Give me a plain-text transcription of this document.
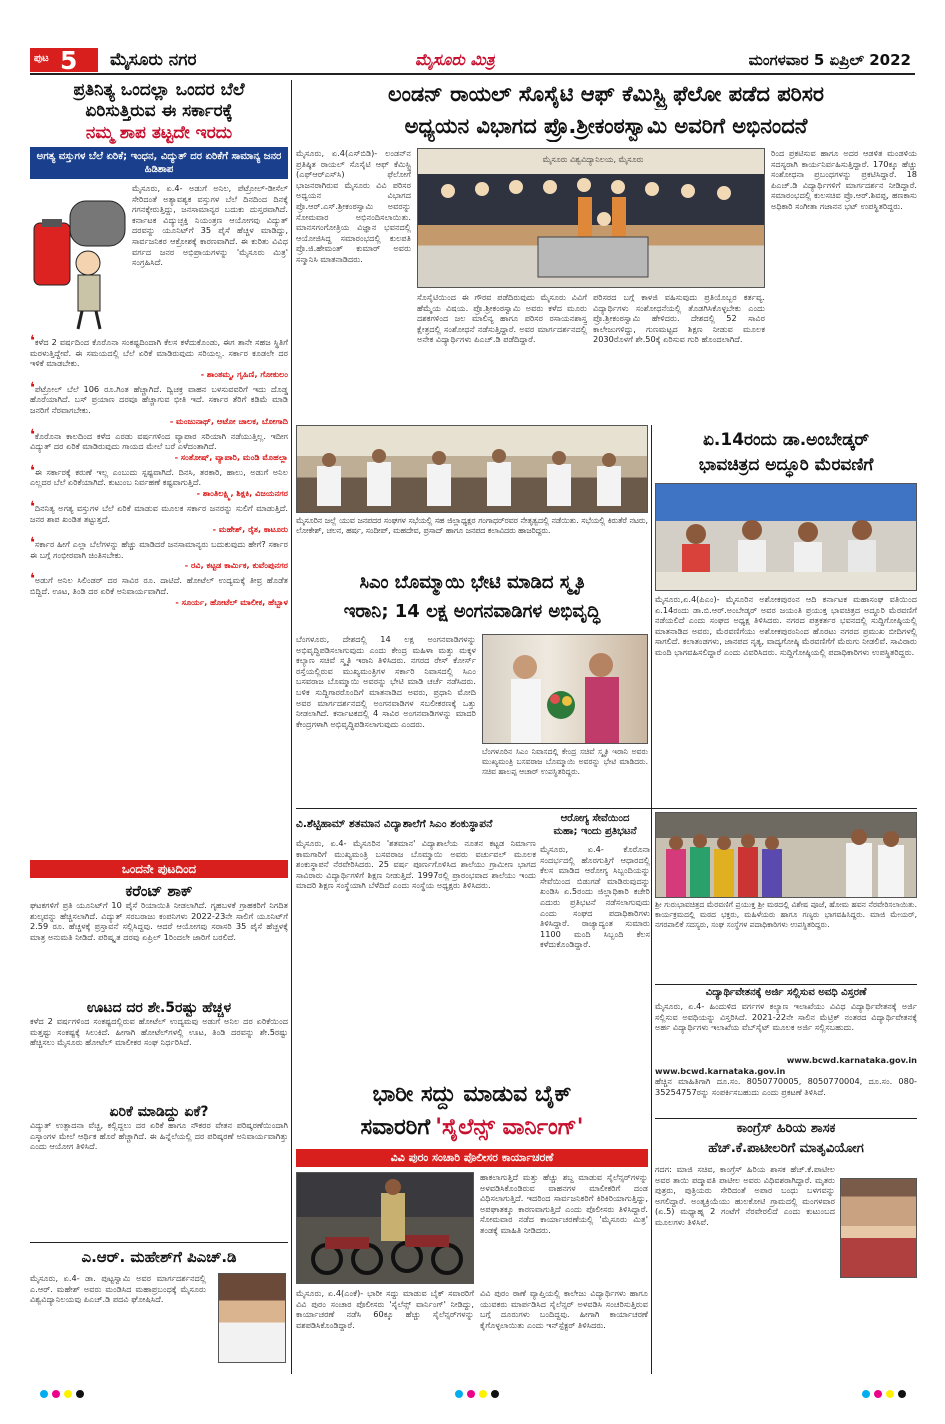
ಪುಟ 5 ಮೈಸೂರು ನಗರ	ಮೈಸೂರು ಮಿತ್ರ	ಮಂಗಳವಾರ 5 ಏಪ್ರಿಲ್ 2022
ಪ್ರತಿನಿತ್ಯ ಒಂದಲ್ಲಾ ಒಂದರ ಬೆಲೆ
ಏರಿಸುತ್ತಿರುವ ಈ ಸರ್ಕಾರಕ್ಕೆ
ನಮ್ಮ ಶಾಪ ತಟ್ಟದೇ ಇರದು
ಅಗತ್ಯ ವಸ್ತುಗಳ ಬೆಲೆ ಏರಿಕೆ; ಇಂಧನ, ವಿದ್ಯುತ್ ದರ ಏರಿಕೆಗೆ ಸಾಮಾನ್ಯ ಜನರ ಹಿಡಿಶಾಪ
ಮೈಸೂರು, ಏ.4- ಅಡುಗೆ ಅನಿಲ, ಪೆಟ್ರೋಲ್-ಡೀಸೆಲ್ ಸೇರಿದಂತೆ ಅತ್ಯಾವಶ್ಯಕ ವಸ್ತುಗಳ ಬೆಲೆ ದಿನದಿಂದ ದಿನಕ್ಕೆ ಗಗನಕ್ಕೇರುತ್ತಿದ್ದು, ಜನಸಾಮಾನ್ಯರ ಬದುಕು ದುಸ್ತರವಾಗಿದೆ. ಕರ್ನಾಟಕ ವಿದ್ಯುಚ್ಛಕ್ತಿ ನಿಯಂತ್ರಣ ಆಯೋಗವು ವಿದ್ಯುತ್ ದರವನ್ನು ಯೂನಿಟ್‌ಗೆ 35 ಪೈಸೆ ಹೆಚ್ಚಳ ಮಾಡಿದ್ದು, ಸಾರ್ವಜನಿಕರ ಆಕ್ರೋಶಕ್ಕೆ ಕಾರಣವಾಗಿದೆ. ಈ ಕುರಿತು ವಿವಿಧ ವರ್ಗದ ಜನರ ಅಭಿಪ್ರಾಯಗಳನ್ನು 'ಮೈಸೂರು ಮಿತ್ರ' ಸಂಗ್ರಹಿಸಿದೆ.
❛ಕಳೆದ 2 ವರ್ಷದಿಂದ ಕೊರೊನಾ ಸಂಕಷ್ಟದಿಂದಾಗಿ ಕೆಲಸ ಕಳೆದುಕೊಂಡು, ಈಗ ತಾನೇ ಸಹಜ ಸ್ಥಿತಿಗೆ ಮರಳುತ್ತಿದ್ದೇವೆ. ಈ ಸಮಯದಲ್ಲಿ ಬೆಲೆ ಏರಿಕೆ ಮಾಡಿರುವುದು ಸರಿಯಲ್ಲ. ಸರ್ಕಾರ ಕೂಡಲೇ ದರ ಇಳಿಕೆ ಮಾಡಬೇಕು.
- ಶಾಂತಮ್ಮ, ಗೃಹಿಣಿ, ಗೋಕುಲಂ
❛ಪೆಟ್ರೋಲ್ ಬೆಲೆ 106 ರೂ.ಗಿಂತ ಹೆಚ್ಚಾಗಿದೆ. ದ್ವಿಚಕ್ರ ವಾಹನ ಬಳಸುವವರಿಗೆ ಇದು ದೊಡ್ಡ ಹೊರೆಯಾಗಿದೆ. ಬಸ್ ಪ್ರಯಾಣ ದರವೂ ಹೆಚ್ಚಾಗುವ ಭೀತಿ ಇದೆ. ಸರ್ಕಾರ ತೆರಿಗೆ ಕಡಿಮೆ ಮಾಡಿ ಜನರಿಗೆ ನೆರವಾಗಬೇಕು.
- ಮಂಜುನಾಥ್, ಆಟೋ ಚಾಲಕ, ಬೋಗಾದಿ
❛ಕೊರೊನಾ ಕಾಲದಿಂದ ಕಳೆದ ಎರಡು ವರ್ಷಗಳಿಂದ ವ್ಯಾಪಾರ ಸರಿಯಾಗಿ ನಡೆಯುತ್ತಿಲ್ಲ. ಇದೀಗ ವಿದ್ಯುತ್ ದರ ಏರಿಕೆ ಮಾಡಿರುವುದು ಗಾಯದ ಮೇಲೆ ಬರೆ ಎಳೆದಂತಾಗಿದೆ.
- ಸಂತೋಷ್, ವ್ಯಾಪಾರಿ, ಮಂಡಿ ಮೊಹಲ್ಲಾ
❛ಈ ಸರ್ಕಾರಕ್ಕೆ ಕರುಣೆ ಇಲ್ಲ ಎಂಬುದು ಸ್ಪಷ್ಟವಾಗಿದೆ. ದಿನಸಿ, ತರಕಾರಿ, ಹಾಲು, ಅಡುಗೆ ಅನಿಲ ಎಲ್ಲದರ ಬೆಲೆ ಏರಿಕೆಯಾಗಿದೆ. ಕುಟುಂಬ ನಿರ್ವಹಣೆ ಕಷ್ಟವಾಗುತ್ತಿದೆ.
- ಶಾಂತಿಲಕ್ಷ್ಮಿ, ಶಿಕ್ಷಕಿ, ವಿಜಯನಗರ
❛ದಿನನಿತ್ಯ ಅಗತ್ಯ ವಸ್ತುಗಳ ಬೆಲೆ ಏರಿಕೆ ಮಾಡುವ ಮೂಲಕ ಸರ್ಕಾರ ಜನರನ್ನು ಸುಲಿಗೆ ಮಾಡುತ್ತಿದೆ. ಜನರ ಶಾಪ ಖಂಡಿತ ತಟ್ಟುತ್ತದೆ.
- ಮಹೇಶ್, ರೈತ, ಕಾಟೂರು
❛ಸರ್ಕಾರ ಹೀಗೆ ಎಲ್ಲಾ ಬೆಲೆಗಳನ್ನು ಹೆಚ್ಚು ಮಾಡಿದರೆ ಜನಸಾಮಾನ್ಯರು ಬದುಕುವುದು ಹೇಗೆ? ಸರ್ಕಾರ ಈ ಬಗ್ಗೆ ಗಂಭೀರವಾಗಿ ಚಿಂತಿಸಬೇಕು.
- ರವಿ, ಕಟ್ಟಡ ಕಾರ್ಮಿಕ, ಕುವೆಂಪುನಗರ
❛ಅಡುಗೆ ಅನಿಲ ಸಿಲಿಂಡರ್ ದರ ಸಾವಿರ ರೂ. ದಾಟಿದೆ. ಹೋಟೆಲ್ ಉದ್ಯಮಕ್ಕೆ ತೀವ್ರ ಹೊಡೆತ ಬಿದ್ದಿದೆ. ಊಟ, ತಿಂಡಿ ದರ ಏರಿಕೆ ಅನಿವಾರ್ಯವಾಗಿದೆ.
- ಸೂರ್ಯ, ಹೋಟೆಲ್ ಮಾಲೀಕ, ಹೆಬ್ಬಾಳ
ಒಂದನೇ ಪುಟದಿಂದ
ಕರೆಂಟ್ ಶಾಕ್
ಘಟಕಗಳಿಗೆ ಪ್ರತಿ ಯೂನಿಟ್‌ಗೆ 10 ಪೈಸೆ ರಿಯಾಯಿತಿ ನೀಡಲಾಗಿದೆ. ಗೃಹಬಳಕೆ ಗ್ರಾಹಕರಿಗೆ ನಿಗದಿತ ಶುಲ್ಕವನ್ನು ಹೆಚ್ಚಿಸಲಾಗಿದೆ. ವಿದ್ಯುತ್ ಸರಬರಾಜು ಕಂಪನಿಗಳು 2022-23ನೇ ಸಾಲಿಗೆ ಯೂನಿಟ್‌ಗೆ 2.59 ರೂ. ಹೆಚ್ಚಳಕ್ಕೆ ಪ್ರಸ್ತಾವನೆ ಸಲ್ಲಿಸಿದ್ದವು. ಆದರೆ ಆಯೋಗವು ಸರಾಸರಿ 35 ಪೈಸೆ ಹೆಚ್ಚಳಕ್ಕೆ ಮಾತ್ರ ಅನುಮತಿ ನೀಡಿದೆ. ಪರಿಷ್ಕೃತ ದರವು ಏಪ್ರಿಲ್ 1ರಿಂದಲೇ ಜಾರಿಗೆ ಬರಲಿದೆ.
ಊಟದ ದರ ಶೇ.5ರಷ್ಟು ಹೆಚ್ಚಳ
ಕಳೆದ 2 ವರ್ಷಗಳಿಂದ ಸಂಕಷ್ಟದಲ್ಲಿರುವ ಹೋಟೆಲ್ ಉದ್ಯಮವು ಅಡುಗೆ ಅನಿಲ ದರ ಏರಿಕೆಯಿಂದ ಮತ್ತಷ್ಟು ಸಂಕಷ್ಟಕ್ಕೆ ಸಿಲುಕಿದೆ. ಹೀಗಾಗಿ ಹೋಟೆಲ್‌ಗಳಲ್ಲಿ ಊಟ, ತಿಂಡಿ ದರವನ್ನು ಶೇ.5ರಷ್ಟು ಹೆಚ್ಚಿಸಲು ಮೈಸೂರು ಹೋಟೆಲ್ ಮಾಲೀಕರ ಸಂಘ ನಿರ್ಧರಿಸಿದೆ.
ಏರಿಕೆ ಮಾಡಿದ್ದು ಏಕೆ?
ವಿದ್ಯುತ್ ಉತ್ಪಾದನಾ ವೆಚ್ಚ, ಕಲ್ಲಿದ್ದಲು ದರ ಏರಿಕೆ ಹಾಗೂ ನೌಕರರ ವೇತನ ಪರಿಷ್ಕರಣೆಯಿಂದಾಗಿ ಎಸ್ಕಾಂಗಳ ಮೇಲೆ ಆರ್ಥಿಕ ಹೊರೆ ಹೆಚ್ಚಾಗಿದೆ. ಈ ಹಿನ್ನೆಲೆಯಲ್ಲಿ ದರ ಪರಿಷ್ಕರಣೆ ಅನಿವಾರ್ಯವಾಗಿತ್ತು ಎಂದು ಆಯೋಗ ತಿಳಿಸಿದೆ.
ಎ.ಆರ್. ಮಹೇಶ್‌ಗೆ ಪಿಎಚ್.ಡಿ
ಮೈಸೂರು, ಏ.4- ಡಾ. ಪುಟ್ಟಸ್ವಾಮಿ ಅವರ ಮಾರ್ಗದರ್ಶನದಲ್ಲಿ ಎ.ಆರ್. ಮಹೇಶ್ ಅವರು ಮಂಡಿಸಿದ ಮಹಾಪ್ರಬಂಧಕ್ಕೆ ಮೈಸೂರು ವಿಶ್ವವಿದ್ಯಾನಿಲಯವು ಪಿಎಚ್.ಡಿ ಪದವಿ ಘೋಷಿಸಿದೆ.
ಲಂಡನ್ ರಾಯಲ್ ಸೊಸೈಟಿ ಆಫ್ ಕೆಮಿಸ್ಟ್ರಿ ಫೆಲೋ ಪಡೆದ ಪರಿಸರ
ಅಧ್ಯಯನ ವಿಭಾಗದ ಪ್ರೊ.ಶ್ರೀಕಂಠಸ್ವಾಮಿ ಅವರಿಗೆ ಅಭಿನಂದನೆ
ಮೈಸೂರು, ಏ.4(ಎಸ್‌ಬಿಡಿ)- ಲಂಡನ್‌ನ ಪ್ರತಿಷ್ಠಿತ ರಾಯಲ್ ಸೊಸೈಟಿ ಆಫ್ ಕೆಮಿಸ್ಟ್ರಿ (ಎಫ್‌ಆರ್‌ಎಸ್‌ಸಿ) ಫೆಲೋಗೆ ಭಾಜನರಾಗಿರುವ ಮೈಸೂರು ವಿವಿ ಪರಿಸರ ಅಧ್ಯಯನ ವಿಭಾಗದ ಪ್ರೊ.ಆರ್.ಎಸ್.ಶ್ರೀಕಂಠಸ್ವಾಮಿ ಅವರನ್ನು ಸೋಮವಾರ ಅಭಿನಂದಿಸಲಾಯಿತು. ಮಾನಸಗಂಗೋತ್ರಿಯ ವಿಜ್ಞಾನ ಭವನದಲ್ಲಿ ಆಯೋಜಿಸಿದ್ದ ಸಮಾರಂಭದಲ್ಲಿ ಕುಲಪತಿ ಪ್ರೊ.ಜಿ.ಹೇಮಂತ್ ಕುಮಾರ್ ಅವರು ಸನ್ಮಾನಿಸಿ ಮಾತನಾಡಿದರು.
ಮೈಸೂರು ವಿಶ್ವವಿದ್ಯಾನಿಲಯ, ಮೈಸೂರು
ರಿಂದ ಪ್ರಕಟಿಸುವ ಹಾಗೂ ಅದರ ಆಡಳಿತ ಮಂಡಳಿಯ ಸದಸ್ಯರಾಗಿ ಕಾರ್ಯನಿರ್ವಹಿಸುತ್ತಿದ್ದಾರೆ. 170ಕ್ಕೂ ಹೆಚ್ಚು ಸಂಶೋಧನಾ ಪ್ರಬಂಧಗಳನ್ನು ಪ್ರಕಟಿಸಿದ್ದಾರೆ. 18 ಪಿಎಚ್.ಡಿ ವಿದ್ಯಾರ್ಥಿಗಳಿಗೆ ಮಾರ್ಗದರ್ಶನ ನೀಡಿದ್ದಾರೆ. ಸಮಾರಂಭದಲ್ಲಿ ಕುಲಸಚಿವ ಪ್ರೊ.ಆರ್.ಶಿವಪ್ಪ, ಹಣಕಾಸು ಅಧಿಕಾರಿ ಸಂಗೀತಾ ಗಜಾನನ ಭಟ್ ಉಪಸ್ಥಿತರಿದ್ದರು.
ಸೊಸೈಟಿಯಿಂದ ಈ ಗೌರವ ಪಡೆದಿರುವುದು ಮೈಸೂರು ವಿವಿಗೆ ಹೆಮ್ಮೆಯ ವಿಷಯ. ಪ್ರೊ.ಶ್ರೀಕಂಠಸ್ವಾಮಿ ಅವರು ಕಳೆದ ಮೂರು ದಶಕಗಳಿಂದ ಜಲ ಮಾಲಿನ್ಯ ಹಾಗೂ ಪರಿಸರ ರಸಾಯನಶಾಸ್ತ್ರ ಕ್ಷೇತ್ರದಲ್ಲಿ ಸಂಶೋಧನೆ ನಡೆಸುತ್ತಿದ್ದಾರೆ. ಅವರ ಮಾರ್ಗದರ್ಶನದಲ್ಲಿ ಅನೇಕ ವಿದ್ಯಾರ್ಥಿಗಳು ಪಿಎಚ್.ಡಿ ಪಡೆದಿದ್ದಾರೆ.
ಪರಿಸರದ ಬಗ್ಗೆ ಕಾಳಜಿ ವಹಿಸುವುದು ಪ್ರತಿಯೊಬ್ಬರ ಕರ್ತವ್ಯ. ವಿದ್ಯಾರ್ಥಿಗಳು ಸಂಶೋಧನೆಯಲ್ಲಿ ತೊಡಗಿಸಿಕೊಳ್ಳಬೇಕು ಎಂದು ಪ್ರೊ.ಶ್ರೀಕಂಠಸ್ವಾಮಿ ಹೇಳಿದರು. ದೇಶದಲ್ಲಿ 52 ಸಾವಿರ ಕಾಲೇಜುಗಳಿದ್ದು, ಗುಣಮಟ್ಟದ ಶಿಕ್ಷಣ ನೀಡುವ ಮೂಲಕ 2030ರೊಳಗೆ ಶೇ.50ಕ್ಕೆ ಏರಿಸುವ ಗುರಿ ಹೊಂದಲಾಗಿದೆ.
ಮೈಸೂರಿನ ಜಲ್ಲೆ ಯುವ ಜನಪದರ ಸಂಘಗಳ ಸಭೆಯಲ್ಲಿ ಸಹ ಜಿಲ್ಲಾಧ್ಯಕ್ಷರ ಗಂಗಾಧರ್‌ರವರ ನೇತೃತ್ವದಲ್ಲಿ ನಡೆಯಿತು. ಸಭೆಯಲ್ಲಿ ಕಿರುತೆರೆ ನಟರು, ಲೋಕೇಶ್, ಚಲನ, ಹರ್ಷ, ಸಂದೀಪ್, ಮಹದೇವ, ಪ್ರಸಾದ್ ಹಾಗೂ ಜನಪದ ಕಲಾವಿದರು ಹಾಜರಿದ್ದರು.
ಸಿಎಂ ಬೊಮ್ಮಾಯಿ ಭೇಟಿ ಮಾಡಿದ ಸ್ಮೃತಿ
ಇರಾನಿ; 14 ಲಕ್ಷ ಅಂಗನವಾಡಿಗಳ ಅಭಿವೃದ್ಧಿ
ಬೆಂಗಳೂರು, ದೇಶದಲ್ಲಿ 14 ಲಕ್ಷ ಅಂಗನವಾಡಿಗಳನ್ನು ಅಭಿವೃದ್ಧಿಪಡಿಸಲಾಗುವುದು ಎಂದು ಕೇಂದ್ರ ಮಹಿಳಾ ಮತ್ತು ಮಕ್ಕಳ ಕಲ್ಯಾಣ ಸಚಿವೆ ಸ್ಮೃತಿ ಇರಾನಿ ತಿಳಿಸಿದರು. ನಗರದ ರೇಸ್ ಕೋರ್ಸ್ ರಸ್ತೆಯಲ್ಲಿರುವ ಮುಖ್ಯಮಂತ್ರಿಗಳ ಸರ್ಕಾರಿ ನಿವಾಸದಲ್ಲಿ ಸಿಎಂ ಬಸವರಾಜ ಬೊಮ್ಮಾಯಿ ಅವರನ್ನು ಭೇಟಿ ಮಾಡಿ ಚರ್ಚೆ ನಡೆಸಿದರು. ಬಳಿಕ ಸುದ್ದಿಗಾರರೊಂದಿಗೆ ಮಾತನಾಡಿದ ಅವರು, ಪ್ರಧಾನಿ ಮೋದಿ ಅವರ ಮಾರ್ಗದರ್ಶನದಲ್ಲಿ ಅಂಗನವಾಡಿಗಳ ಸಬಲೀಕರಣಕ್ಕೆ ಒತ್ತು ನೀಡಲಾಗಿದೆ. ಕರ್ನಾಟಕದಲ್ಲಿ 4 ಸಾವಿರ ಅಂಗನವಾಡಿಗಳನ್ನು ಮಾದರಿ ಕೇಂದ್ರಗಳಾಗಿ ಅಭಿವೃದ್ಧಿಪಡಿಸಲಾಗುವುದು ಎಂದರು.
ಬೆಂಗಳೂರಿನ ಸಿಎಂ ನಿವಾಸದಲ್ಲಿ ಕೇಂದ್ರ ಸಚಿವೆ ಸ್ಮೃತಿ ಇರಾನಿ ಅವರು ಮುಖ್ಯಮಂತ್ರಿ ಬಸವರಾಜ ಬೊಮ್ಮಾಯಿ ಅವರನ್ನು ಭೇಟಿ ಮಾಡಿದರು. ಸಚಿವ ಹಾಲಪ್ಪ ಆಚಾರ್ ಉಪಸ್ಥಿತರಿದ್ದರು.
ಏ.14ರಂದು ಡಾ.ಅಂಬೇಡ್ಕರ್
ಭಾವಚಿತ್ರದ ಅದ್ಧೂರಿ ಮೆರವಣಿಗೆ
ಮೈಸೂರು,ಏ.4(ಪಿಎಂ)- ಮೈಸೂರಿನ ಅಶೋಕಪುರಂನ ಆದಿ ಕರ್ನಾಟಕ ಮಹಾಸಂಘ ವತಿಯಿಂದ ಏ.14ರಂದು ಡಾ.ಬಿ.ಆರ್.ಅಂಬೇಡ್ಕರ್ ಅವರ ಜಯಂತಿ ಪ್ರಯುಕ್ತ ಭಾವಚಿತ್ರದ ಅದ್ಧೂರಿ ಮೆರವಣಿಗೆ ನಡೆಯಲಿದೆ ಎಂದು ಸಂಘದ ಅಧ್ಯಕ್ಷ ತಿಳಿಸಿದರು. ನಗರದ ಪತ್ರಕರ್ತರ ಭವನದಲ್ಲಿ ಸುದ್ದಿಗೋಷ್ಠಿಯಲ್ಲಿ ಮಾತನಾಡಿದ ಅವರು, ಮೆರವಣಿಗೆಯು ಅಶೋಕಪುರಂನಿಂದ ಹೊರಟು ನಗರದ ಪ್ರಮುಖ ಬೀದಿಗಳಲ್ಲಿ ಸಾಗಲಿದೆ. ಕಲಾತಂಡಗಳು, ಜಾನಪದ ನೃತ್ಯ, ವಾದ್ಯಗೋಷ್ಠಿ ಮೆರವಣಿಗೆಗೆ ಮೆರುಗು ನೀಡಲಿವೆ. ಸಾವಿರಾರು ಮಂದಿ ಭಾಗವಹಿಸಲಿದ್ದಾರೆ ಎಂದು ವಿವರಿಸಿದರು. ಸುದ್ದಿಗೋಷ್ಠಿಯಲ್ಲಿ ಪದಾಧಿಕಾರಿಗಳು ಉಪಸ್ಥಿತರಿದ್ದರು.
ವಿ.ಶೆಟ್ಟಿಹಾಮ್ ಶತಮಾನ ವಿದ್ಯಾಶಾಲೆಗೆ ಸಿಎಂ ಶಂಕುಸ್ಥಾಪನೆ
ಮೈಸೂರು, ಏ.4- ಮೈಸೂರಿನ 'ಶತಮಾನ' ವಿದ್ಯಾಶಾಲೆಯ ನೂತನ ಕಟ್ಟಡ ನಿರ್ಮಾಣ ಕಾಮಗಾರಿಗೆ ಮುಖ್ಯಮಂತ್ರಿ ಬಸವರಾಜ ಬೊಮ್ಮಾಯಿ ಅವರು ವರ್ಚುವಲ್ ಮೂಲಕ ಶಂಕುಸ್ಥಾಪನೆ ನೆರವೇರಿಸಿದರು. 25 ವರ್ಷ ಪೂರ್ಣಗೊಳಿಸಿದ ಶಾಲೆಯು ಗ್ರಾಮೀಣ ಭಾಗದ ಸಾವಿರಾರು ವಿದ್ಯಾರ್ಥಿಗಳಿಗೆ ಶಿಕ್ಷಣ ನೀಡುತ್ತಿದೆ. 1997ರಲ್ಲಿ ಪ್ರಾರಂಭವಾದ ಶಾಲೆಯು ಇಂದು ಮಾದರಿ ಶಿಕ್ಷಣ ಸಂಸ್ಥೆಯಾಗಿ ಬೆಳೆದಿದೆ ಎಂದು ಸಂಸ್ಥೆಯ ಅಧ್ಯಕ್ಷರು ತಿಳಿಸಿದರು.
ಆರೋಗ್ಯ ಸೇವೆಯಿಂದ
ಮಹಾ; ಇಂದು ಪ್ರತಿಭಟನೆ
ಮೈಸೂರು, ಏ.4- ಕೊರೊನಾ ಸಂದರ್ಭದಲ್ಲಿ ಹೊರಗುತ್ತಿಗೆ ಆಧಾರದಲ್ಲಿ ಕೆಲಸ ಮಾಡಿದ ಆರೋಗ್ಯ ಸಿಬ್ಬಂದಿಯನ್ನು ಸೇವೆಯಿಂದ ಬಿಡುಗಡೆ ಮಾಡಿರುವುದನ್ನು ಖಂಡಿಸಿ ಏ.5ರಂದು ಜಿಲ್ಲಾಧಿಕಾರಿ ಕಚೇರಿ ಎದುರು ಪ್ರತಿಭಟನೆ ನಡೆಸಲಾಗುವುದು ಎಂದು ಸಂಘದ ಪದಾಧಿಕಾರಿಗಳು ತಿಳಿಸಿದ್ದಾರೆ. ರಾಜ್ಯಾದ್ಯಂತ ಸುಮಾರು 1100 ಮಂದಿ ಸಿಬ್ಬಂದಿ ಕೆಲಸ ಕಳೆದುಕೊಂಡಿದ್ದಾರೆ.
ಶ್ರೀ ಗುರುಭಾವಚಿತ್ರದ ಮೆರವಣಿಗೆ ಪ್ರಯುಕ್ತ ಶ್ರೀ ಮಠದಲ್ಲಿ ವಿಶೇಷ ಪೂಜೆ, ಹೋಮ ಹವನ ನೆರವೇರಿಸಲಾಯಿತು. ಕಾರ್ಯಕ್ರಮದಲ್ಲಿ ಮಠದ ಭಕ್ತರು, ಮಹಿಳೆಯರು ಹಾಗೂ ಗಣ್ಯರು ಭಾಗವಹಿಸಿದ್ದರು. ಮಾಜಿ ಮೇಯರ್, ನಗರಪಾಲಿಕೆ ಸದಸ್ಯರು, ಸಂಘ ಸಂಸ್ಥೆಗಳ ಪದಾಧಿಕಾರಿಗಳು ಉಪಸ್ಥಿತರಿದ್ದರು.
ವಿದ್ಯಾರ್ಥಿವೇತನಕ್ಕೆ ಅರ್ಜಿ ಸಲ್ಲಿಸುವ ಅವಧಿ ವಿಸ್ತರಣೆ
ಮೈಸೂರು, ಏ.4- ಹಿಂದುಳಿದ ವರ್ಗಗಳ ಕಲ್ಯಾಣ ಇಲಾಖೆಯು ವಿವಿಧ ವಿದ್ಯಾರ್ಥಿವೇತನಕ್ಕೆ ಅರ್ಜಿ ಸಲ್ಲಿಸುವ ಅವಧಿಯನ್ನು ವಿಸ್ತರಿಸಿದೆ. 2021-22ನೇ ಸಾಲಿನ ಮೆಟ್ರಿಕ್ ನಂತರದ ವಿದ್ಯಾರ್ಥಿವೇತನಕ್ಕೆ ಅರ್ಹ ವಿದ್ಯಾರ್ಥಿಗಳು ಇಲಾಖೆಯ ವೆಬ್‌ಸೈಟ್ ಮೂಲಕ ಅರ್ಜಿ ಸಲ್ಲಿಸಬಹುದು.
www.bcwd.karnataka.gov.in
www.bcwd.karnataka.gov.in
ಹೆಚ್ಚಿನ ಮಾಹಿತಿಗಾಗಿ ದೂ.ಸಂ. 8050770005, 8050770004, ದೂ.ಸಂ. 080-35254757ರನ್ನು ಸಂಪರ್ಕಿಸಬಹುದು ಎಂದು ಪ್ರಕಟಣೆ ತಿಳಿಸಿದೆ.
ಕಾಂಗ್ರೆಸ್ ಹಿರಿಯ ಶಾಸಕ
ಹೆಚ್.ಕೆ.ಪಾಟೀಲರಿಗೆ ಮಾತೃವಿಯೋಗ
ಗದಗ: ಮಾಜಿ ಸಚಿವ, ಕಾಂಗ್ರೆಸ್ ಹಿರಿಯ ಶಾಸಕ ಹೆಚ್.ಕೆ.ಪಾಟೀಲ ಅವರ ತಾಯಿ ಪದ್ಮಾವತಿ ಪಾಟೀಲ ಅವರು ವಿಧಿವಶರಾಗಿದ್ದಾರೆ. ಮೃತರು ಪುತ್ರರು, ಪುತ್ರಿಯರು ಸೇರಿದಂತೆ ಅಪಾರ ಬಂಧು ಬಳಗವನ್ನು ಅಗಲಿದ್ದಾರೆ. ಅಂತ್ಯಕ್ರಿಯೆಯು ಹುಲಕೋಟಿ ಗ್ರಾಮದಲ್ಲಿ ಮಂಗಳವಾರ (ಏ.5) ಮಧ್ಯಾಹ್ನ 2 ಗಂಟೆಗೆ ನೆರವೇರಲಿದೆ ಎಂದು ಕುಟುಂಬದ ಮೂಲಗಳು ತಿಳಿಸಿವೆ.
ಭಾರೀ ಸದ್ದು ಮಾಡುವ ಬೈಕ್
ಸವಾರರಿಗೆ 'ಸೈಲೆನ್ಸ್ ವಾರ್ನಿಂಗ್'
ವಿವಿ ಪುರಂ ಸಂಚಾರಿ ಪೊಲೀಸರ ಕಾರ್ಯಾಚರಣೆ
ಹಾಕಲಾಗುತ್ತಿದೆ ಮತ್ತು ಹೆಚ್ಚು ಶಬ್ದ ಮಾಡುವ ಸೈಲೆನ್ಸರ್‌ಗಳನ್ನು ಅಳವಡಿಸಿಕೊಂಡಿರುವ ವಾಹನಗಳ ಮಾಲೀಕರಿಗೆ ದಂಡ ವಿಧಿಸಲಾಗುತ್ತಿದೆ. ಇದರಿಂದ ಸಾರ್ವಜನಿಕರಿಗೆ ಕಿರಿಕಿರಿಯಾಗುತ್ತಿದ್ದು, ಅಪಘಾತಕ್ಕೂ ಕಾರಣವಾಗುತ್ತಿದೆ ಎಂದು ಪೊಲೀಸರು ತಿಳಿಸಿದ್ದಾರೆ. ಸೋಮವಾರ ನಡೆದ ಕಾರ್ಯಾಚರಣೆಯಲ್ಲಿ 'ಮೈಸೂರು ಮಿತ್ರ' ತಂಡಕ್ಕೆ ಮಾಹಿತಿ ನೀಡಿದರು.
ಮೈಸೂರು, ಏ.4(ಎಂಕೆ)- ಭಾರೀ ಸದ್ದು ಮಾಡುವ ಬೈಕ್ ಸವಾರರಿಗೆ ವಿವಿ ಪುರಂ ಸಂಚಾರ ಪೊಲೀಸರು 'ಸೈಲೆನ್ಸ್ ವಾರ್ನಿಂಗ್' ನೀಡಿದ್ದು, ಕಾರ್ಯಾಚರಣೆ ನಡೆಸಿ 60ಕ್ಕೂ ಹೆಚ್ಚು ಸೈಲೆನ್ಸರ್‌ಗಳನ್ನು ವಶಪಡಿಸಿಕೊಂಡಿದ್ದಾರೆ.
ವಿವಿ ಪುರಂ ಠಾಣೆ ವ್ಯಾಪ್ತಿಯಲ್ಲಿ ಕಾಲೇಜು ವಿದ್ಯಾರ್ಥಿಗಳು ಹಾಗೂ ಯುವಕರು ಮಾರ್ಪಡಿಸಿದ ಸೈಲೆನ್ಸರ್ ಅಳವಡಿಸಿ ಸಂಚರಿಸುತ್ತಿರುವ ಬಗ್ಗೆ ದೂರುಗಳು ಬಂದಿದ್ದವು. ಹೀಗಾಗಿ ಕಾರ್ಯಾಚರಣೆ ಕೈಗೊಳ್ಳಲಾಯಿತು ಎಂದು ಇನ್‌ಸ್ಪೆಕ್ಟರ್ ತಿಳಿಸಿದರು.
